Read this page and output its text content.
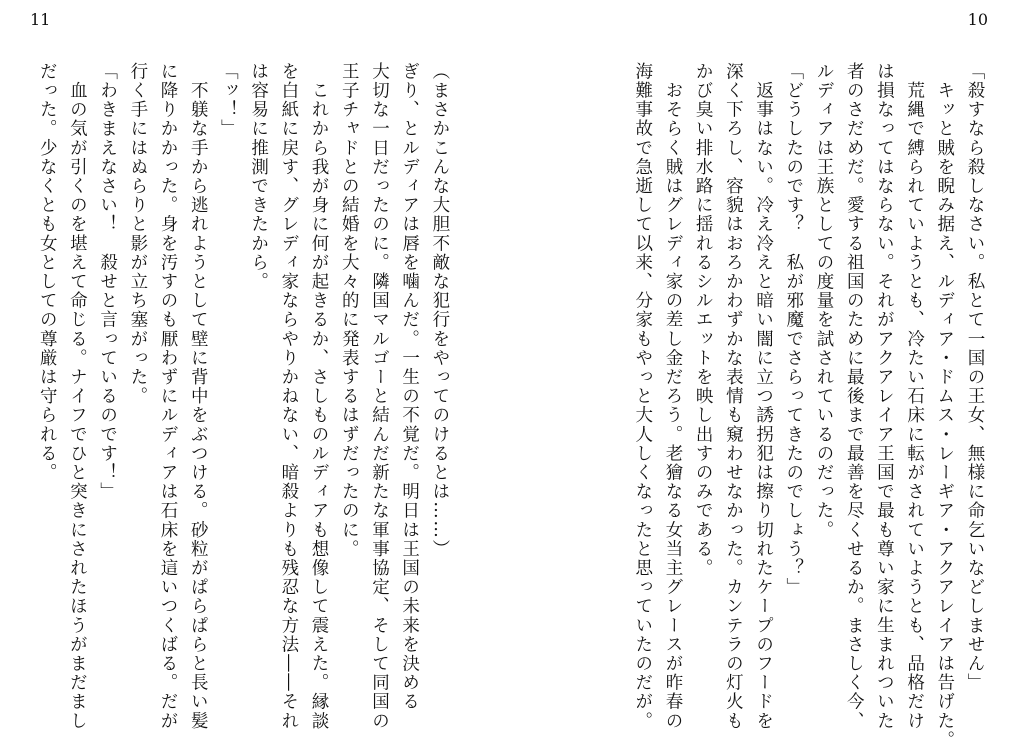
11	10

「殺すなら殺しなさい。私とて一国の王女、無様に命乞いなどしません」

　キッと賊を睨み据え、ルディア・ドムス・レーギア・アクアレイアは告げた。

　荒縄で縛られていようとも、冷たい石床に転がされていようとも、品格だけ

は損なってはならない。それがアクアレイア王国で最も尊い家に生まれついた

者のさだめだ。愛する祖国のために最後まで最善を尽くせるか。まさしく今、

ルディアは王族としての度量を試されているのだった。

「どうしたのです？　私が邪魔でさらってきたのでしょう？」

　返事はない。冷え冷えと暗い闇に立つ誘拐犯は擦り切れたケープのフードを

深く下ろし、容貌はおろかわずかな表情も窺わせなかった。カンテラの灯火も

かび臭い排水路に揺れるシルエットを映し出すのみである。

　おそらく賊はグレディ家の差し金だろう。老獪なる女当主グレースが昨春の

海難事故で急逝して以来、分家もやっと大人しくなったと思っていたのだが。

（まさかこんな大胆不敵な犯行をやってのけるとは……）

ぎり、とルディアは唇を噛んだ。一生の不覚だ。明日は王国の未来を決める

大切な一日だったのに。隣国マルゴーと結んだ新たな軍事協定、そして同国の

王子チャドとの結婚を大々的に発表するはずだったのに。

　これから我が身に何が起きるか、さしものルディアも想像して震えた。縁談

を白紙に戻す、グレディ家ならやりかねない、暗殺よりも残忍な方法――それ

は容易に推測できたから。

「ッ！」

　不躾な手から逃れようとして壁に背中をぶつける。砂粒がぱらぱらと長い髪

に降りかかった。身を汚すのも厭わずにルディアは石床を這いつくばる。だが

行く手にはぬらりと影が立ち塞がった。

「わきまえなさい！　殺せと言っているのです！」

　血の気が引くのを堪えて命じる。ナイフでひと突きにされたほうがまだまし

だった。少なくとも女としての尊厳は守られる。
